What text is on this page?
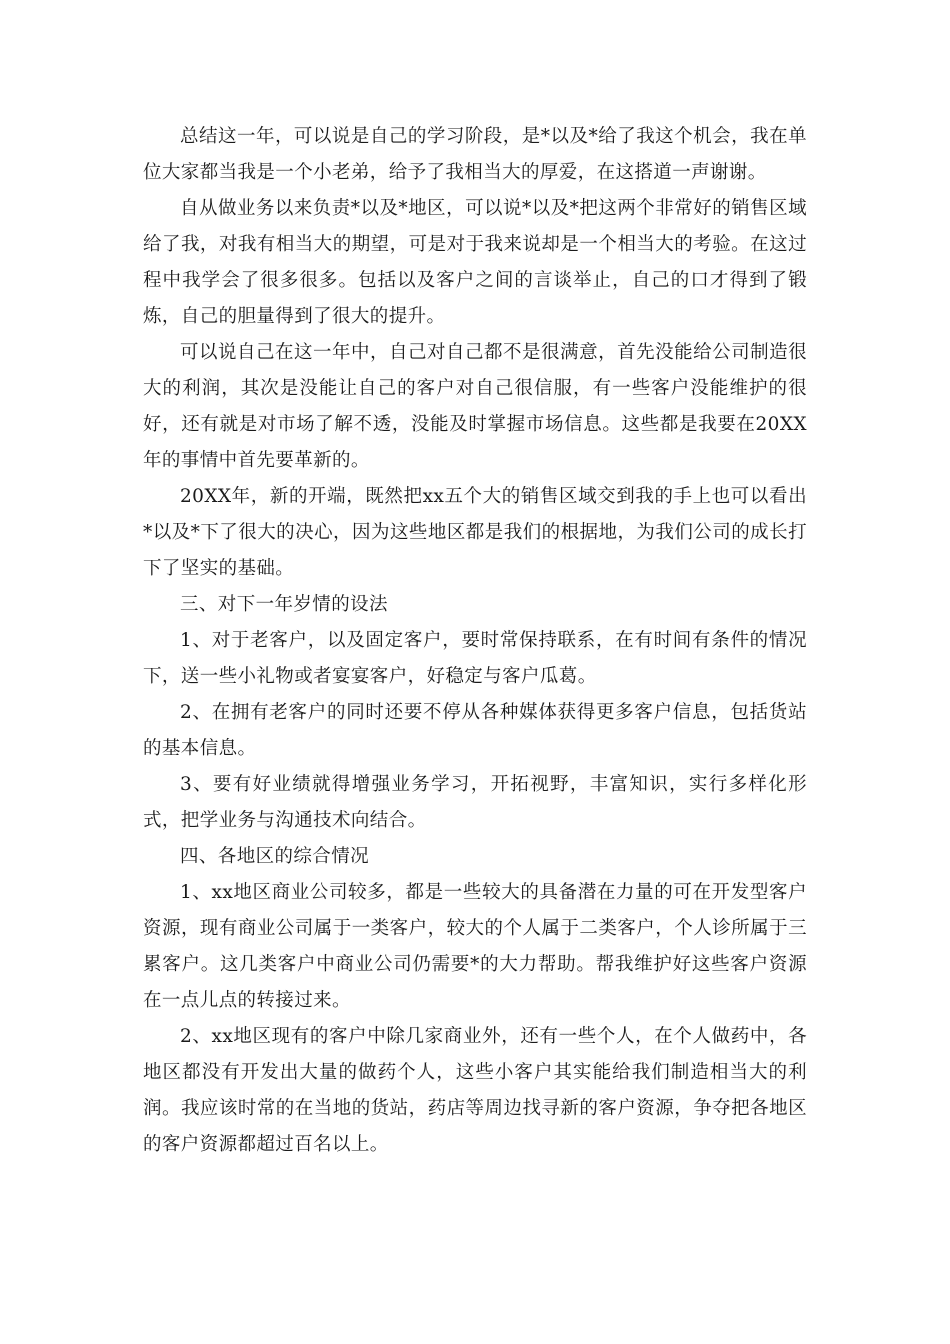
总结这一年，可以说是自己的学习阶段，是*以及*给了我这个机会，我在单位大家都当我是一个小老弟，给予了我相当大的厚爱，在这搭道一声谢谢。

自从做业务以来负责*以及*地区，可以说*以及*把这两个非常好的销售区域给了我，对我有相当大的期望，可是对于我来说却是一个相当大的考验。在这过程中我学会了很多很多。包括以及客户之间的言谈举止，自己的口才得到了锻炼，自己的胆量得到了很大的提升。

可以说自己在这一年中，自己对自己都不是很满意，首先没能给公司制造很大的利润，其次是没能让自己的客户对自己很信服，有一些客户没能维护的很好，还有就是对市场了解不透，没能及时掌握市场信息。这些都是我要在20XX年的事情中首先要革新的。

20XX年，新的开端，既然把xx五个大的销售区域交到我的手上也可以看出*以及*下了很大的决心，因为这些地区都是我们的根据地，为我们公司的成长打下了坚实的基础。

三、对下一年岁情的设法

1、对于老客户，以及固定客户，要时常保持联系，在有时间有条件的情况下，送一些小礼物或者宴宴客户，好稳定与客户瓜葛。

2、在拥有老客户的同时还要不停从各种媒体获得更多客户信息，包括货站的基本信息。

3、要有好业绩就得增强业务学习，开拓视野，丰富知识，实行多样化形式，把学业务与沟通技术向结合。

四、各地区的综合情况

1、xx地区商业公司较多，都是一些较大的具备潜在力量的可在开发型客户资源，现有商业公司属于一类客户，较大的个人属于二类客户，个人诊所属于三累客户。这几类客户中商业公司仍需要*的大力帮助。帮我维护好这些客户资源在一点儿点的转接过来。

2、xx地区现有的客户中除几家商业外，还有一些个人，在个人做药中，各地区都没有开发出大量的做药个人，这些小客户其实能给我们制造相当大的利润。我应该时常的在当地的货站，药店等周边找寻新的客户资源，争夺把各地区的客户资源都超过百名以上。
